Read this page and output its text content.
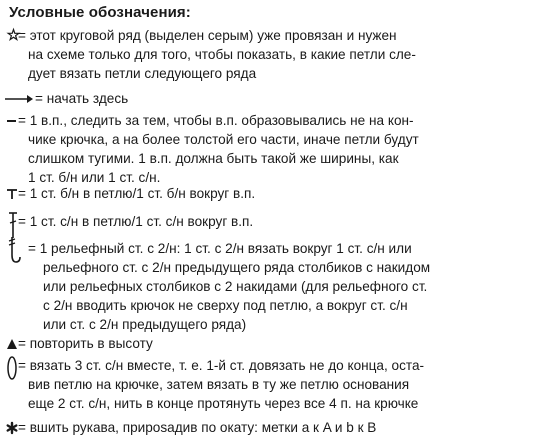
Условные обозначения:
= этот круговой ряд (выделен серым) уже провязан и нужен
на схеме только для того, чтобы показать, в какие петли сле-
дует вязать петли следующего ряда
= начать здесь
= 1 в.п., следить за тем, чтобы в.п. образовывались не на кон-
чике крючка, а на более толстой его части, иначе петли будут
слишком тугими. 1 в.п. должна быть такой же ширины, как
1 ст. б/н или 1 ст. с/н.
= 1 ст. б/н в петлю/1 ст. б/н вокруг в.п.
= 1 ст. с/н в петлю/1 ст. с/н вокруг в.п.
= 1 рельефный ст. с 2/н: 1 ст. с 2/н вязать вокруг 1 ст. с/н или
рельефного ст. с 2/н предыдущего ряда столбиков с накидом
или рельефных столбиков с 2 накидами (для рельефного ст.
с 2/н вводить крючок не сверху под петлю, а вокруг ст. с/н
или ст. с 2/н предыдущего ряда)
= повторить в высоту
= вязать 3 ст. с/н вместе, т. е. 1-й ст. довязать не до конца, оста-
вив петлю на крючке, затем вязать в ту же петлю основания
еще 2 ст. с/н, нить в конце протянуть через все 4 п. на крючке
= вшить рукава, приposадив по окату: метки a к A и b к B
